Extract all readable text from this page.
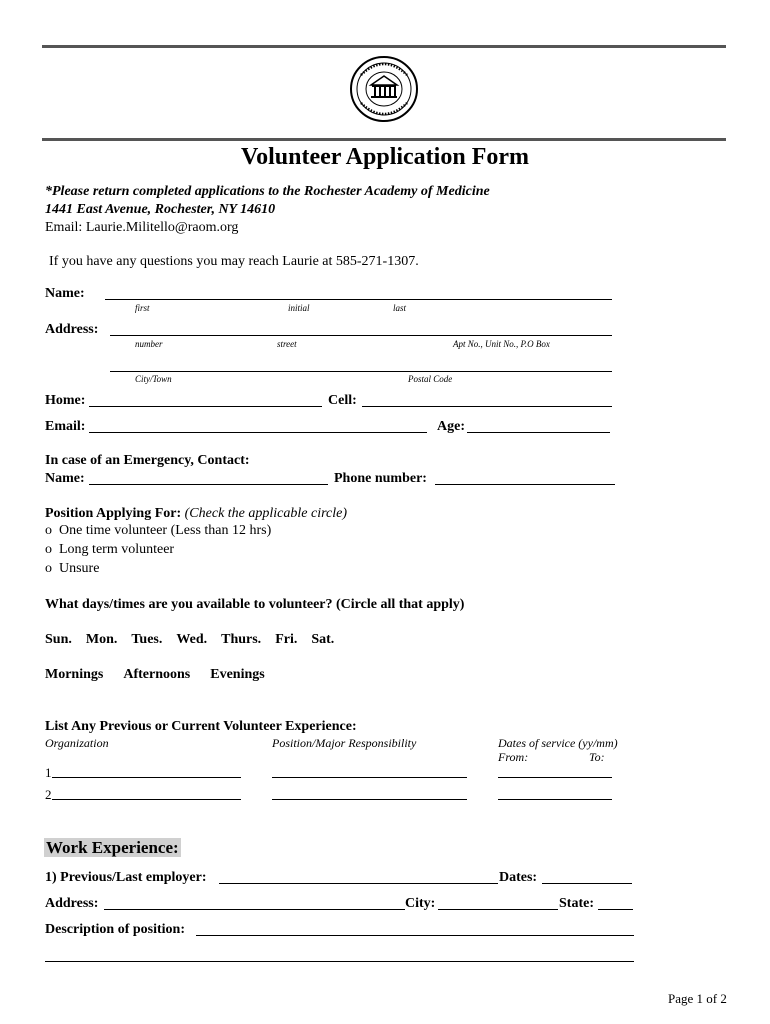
Volunteer Application Form
*Please return completed applications to the Rochester Academy of Medicine
1441 East Avenue, Rochester, NY 14610
Email: Laurie.Militello@raom.org
If you have any questions you may reach Laurie at 585-271-1307.
Name:
first	initial	last
Address:
number	street	Apt No., Unit No., P.O Box
City/Town	Postal Code
Home:	Cell:
Email:	Age:
In case of an Emergency, Contact:
Name:	Phone number:
Position Applying For: (Check the applicable circle)
o One time volunteer (Less than 12 hrs)
o Long term volunteer
o Unsure
What days/times are you available to volunteer? (Circle all that apply)
Sun. Mon. Tues. Wed. Thurs. Fri. Sat.
Mornings Afternoons Evenings
List Any Previous or Current Volunteer Experience:
Organization	Position/Major Responsibility	Dates of service (yy/mm)
From:	To:
1
2
Work Experience:
1) Previous/Last employer:	Dates:
Address:	City:	State:
Description of position:
Page 1 of 2
